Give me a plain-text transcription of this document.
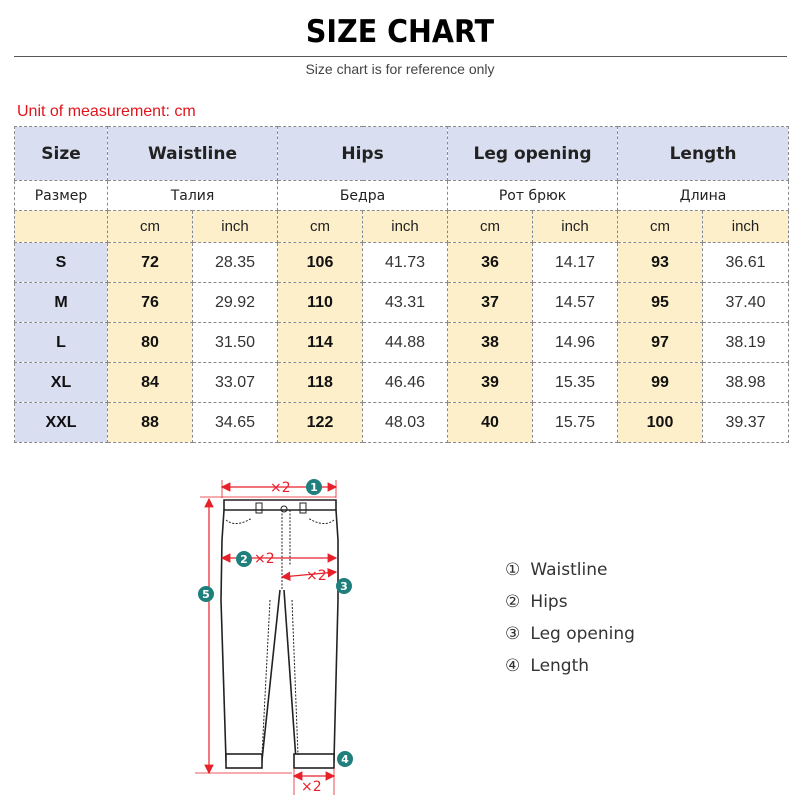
SIZE CHART
Size chart is for reference only
Unit of measurement: cm
Size	Waistline		Hips		Leg opening		Length	
Размер	Талия		Бедра		Рот брюк		Длина	
	cm	inch	cm	inch	cm	inch	cm	inch
S	72	28.35	106	41.73	36	14.17	93	36.61
M	76	29.92	110	43.31	37	14.57	95	37.40
L	80	31.50	114	44.88	38	14.96	97	38.19
XL	84	33.07	118	46.46	39	15.35	99	38.98
XXL	88	34.65	122	48.03	40	15.75	100	39.37
×2
×2
×2
×2
1
2
3
4
5
① Waistline
② Hips
③ Leg opening
④ Length
